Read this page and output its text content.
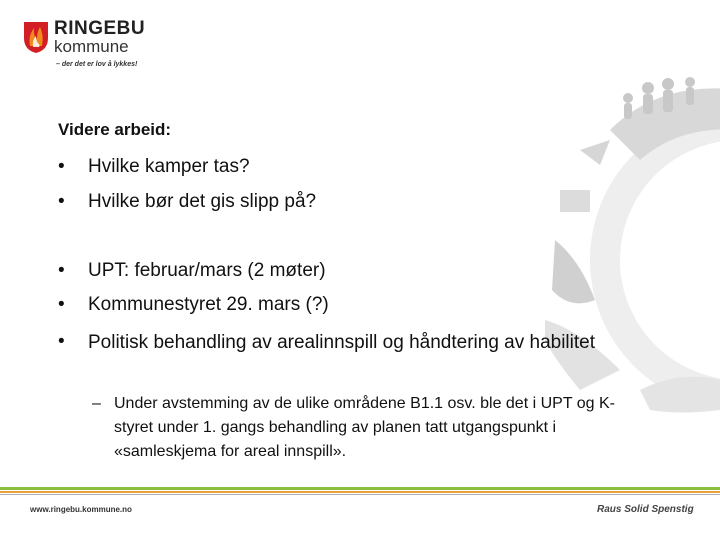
RINGEBU
kommune
– der det er lov å lykkes!
Videre arbeid:
•	Hvilke kamper tas?
•	Hvilke bør det gis slipp på?
•	UPT: februar/mars (2 møter)
•	Kommunestyret 29. mars (?)
•	Politisk behandling av arealinnspill og håndtering av habilitet
– Under avstemming av de ulike områdene B1.1 osv. ble det i UPT og K-styret under 1. gangs behandling av planen tatt utgangspunkt i «samleskjema for areal innspill».
www.ringebu.kommune.no	Raus Solid Spenstig
